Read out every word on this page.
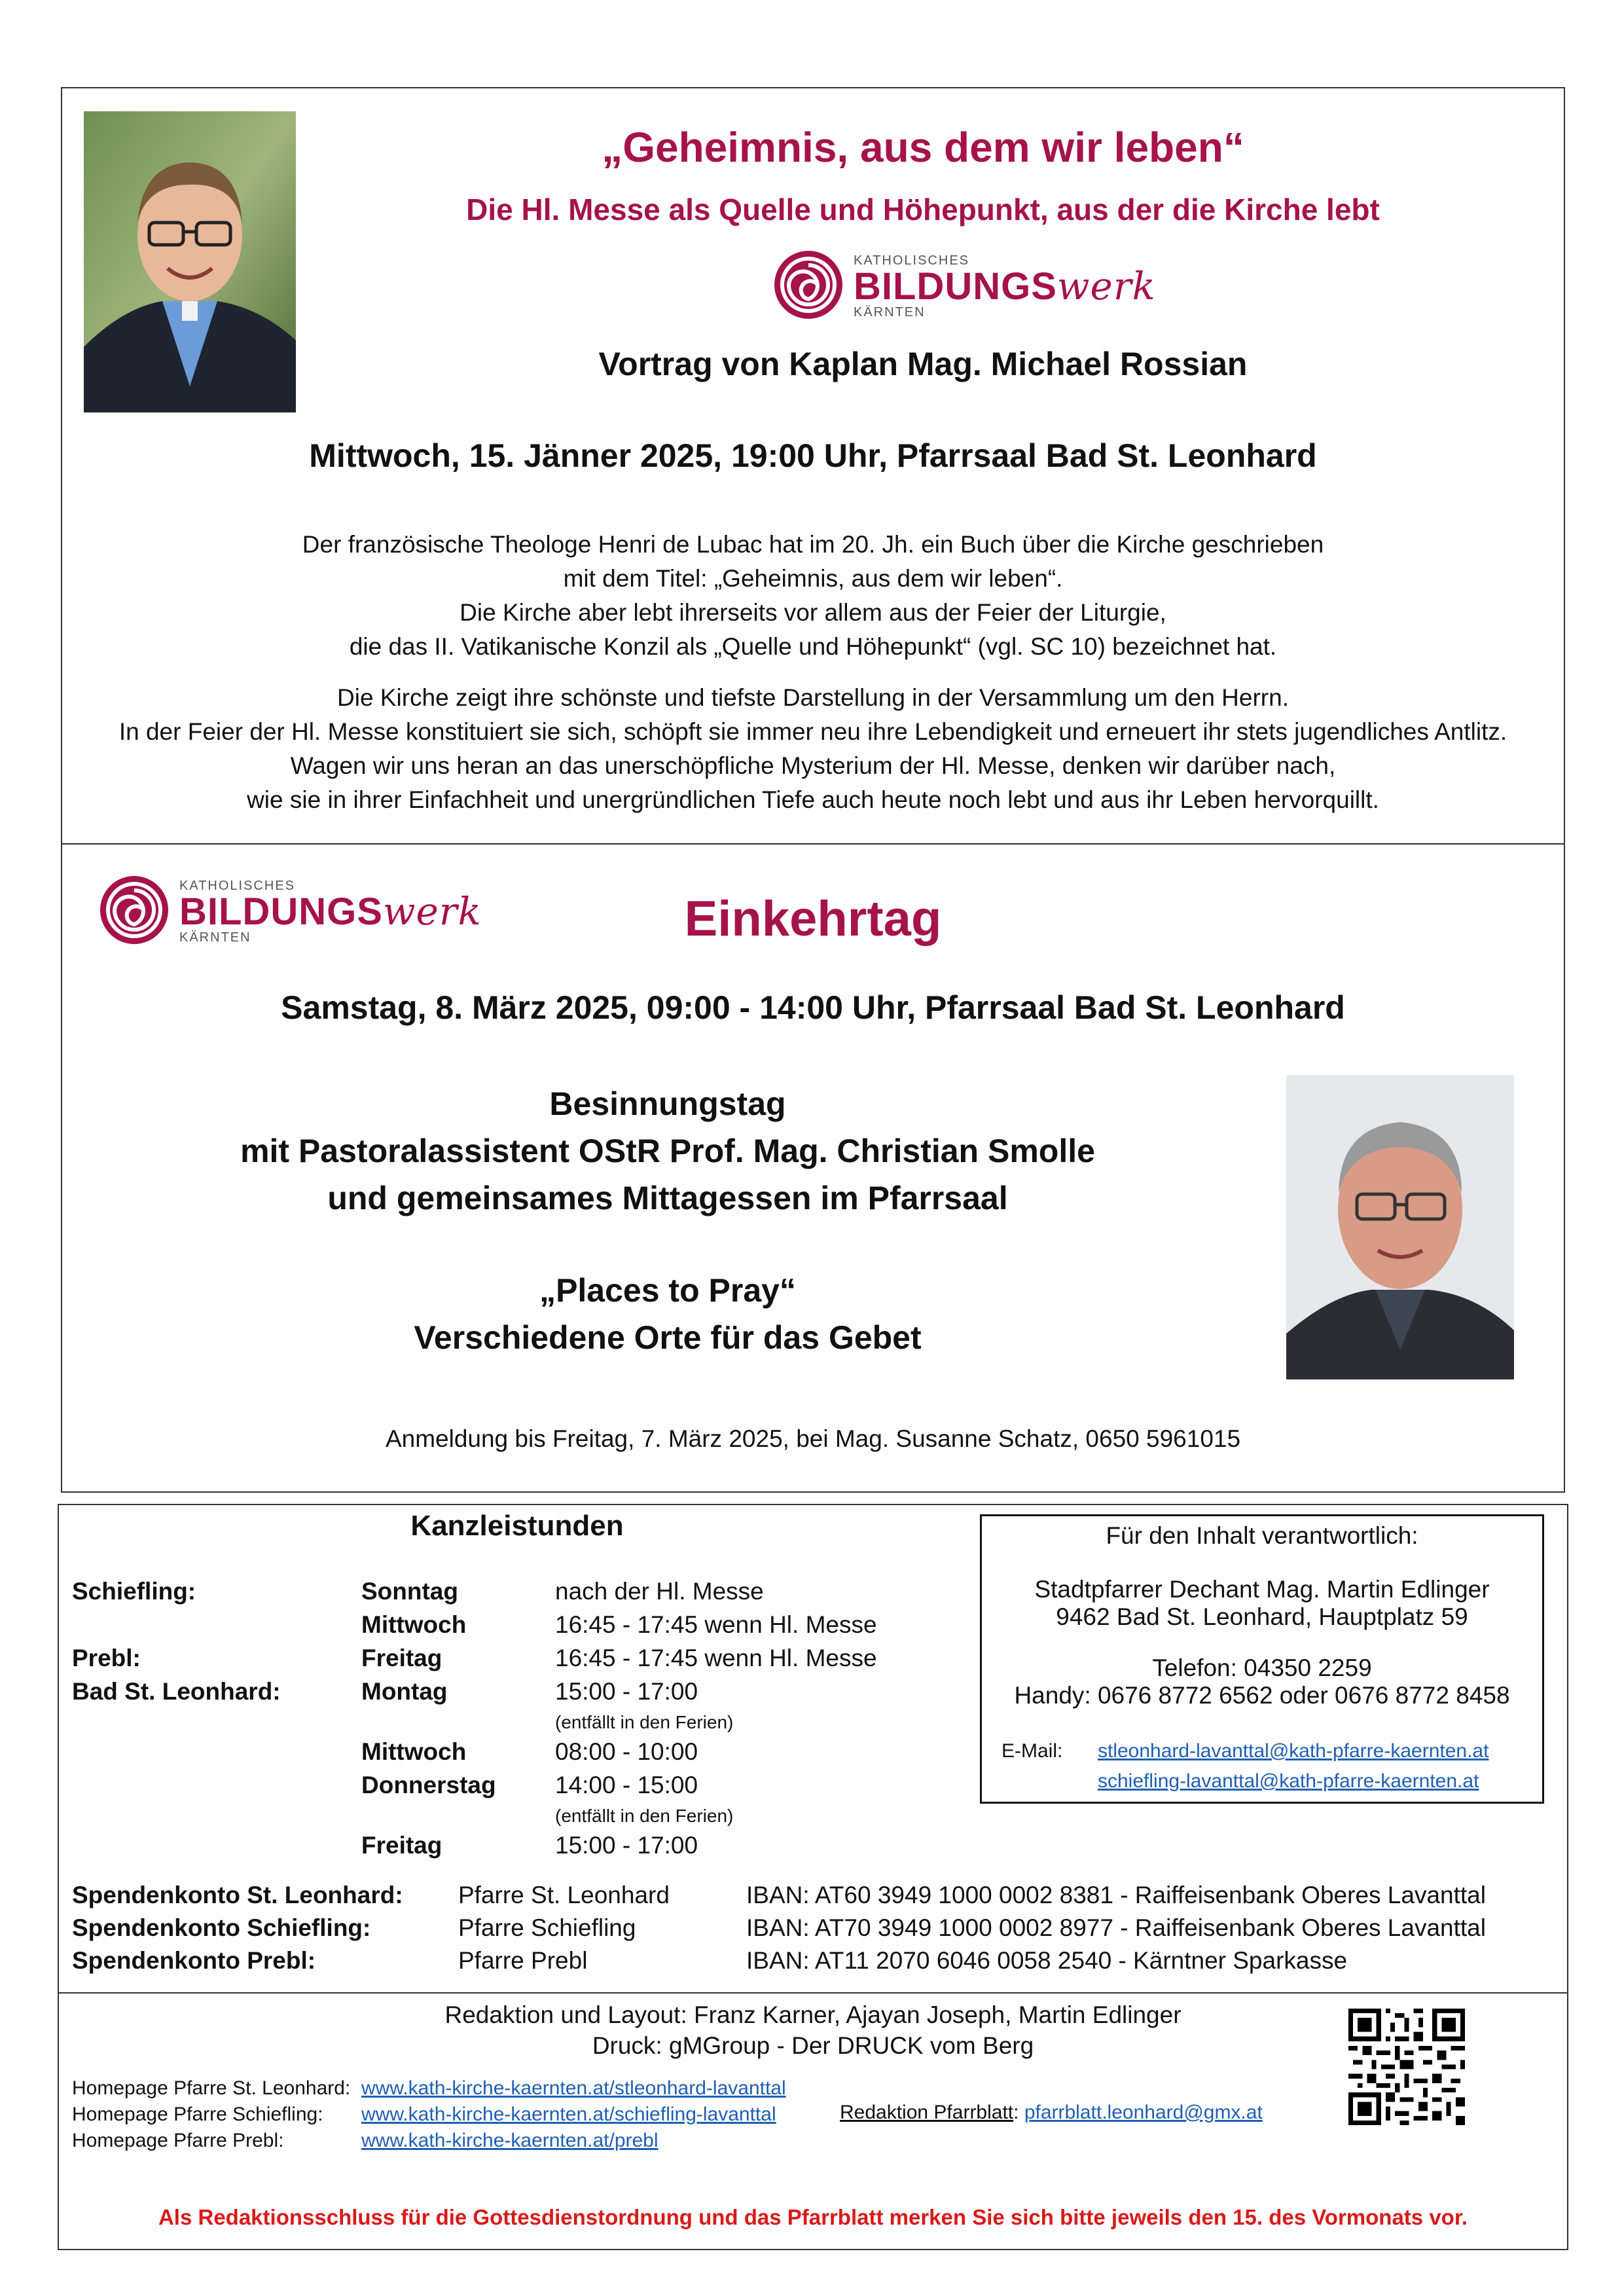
„Geheimnis, aus dem wir leben“
Die Hl. Messe als Quelle und Höhepunkt, aus der die Kirche lebt
KATHOLISCHES
BILDUNGSwerk
KÄRNTEN
Vortrag von Kaplan Mag. Michael Rossian
Mittwoch, 15. Jänner 2025, 19:00 Uhr, Pfarrsaal Bad St. Leonhard
Der französische Theologe Henri de Lubac hat im 20. Jh. ein Buch über die Kirche geschrieben
mit dem Titel: „Geheimnis, aus dem wir leben“.
Die Kirche aber lebt ihrerseits vor allem aus der Feier der Liturgie,
die das II. Vatikanische Konzil als „Quelle und Höhepunkt“ (vgl. SC 10) bezeichnet hat.
Die Kirche zeigt ihre schönste und tiefste Darstellung in der Versammlung um den Herrn.
In der Feier der Hl. Messe konstituiert sie sich, schöpft sie immer neu ihre Lebendigkeit und erneuert ihr stets jugendliches Antlitz.
Wagen wir uns heran an das unerschöpfliche Mysterium der Hl. Messe, denken wir darüber nach,
wie sie in ihrer Einfachheit und unergründlichen Tiefe auch heute noch lebt und aus ihr Leben hervorquillt.
KATHOLISCHES
BILDUNGSwerk
KÄRNTEN	Einkehrtag
Samstag, 8. März 2025, 09:00 - 14:00 Uhr, Pfarrsaal Bad St. Leonhard
Besinnungstag
mit Pastoralassistent OStR Prof. Mag. Christian Smolle
und gemeinsames Mittagessen im Pfarrsaal
„Places to Pray“
Verschiedene Orte für das Gebet
Anmeldung bis Freitag, 7. März 2025, bei Mag. Susanne Schatz, 0650 5961015
Kanzleistunden
Schiefling:	Sonntag	nach der Hl. Messe
Mittwoch	16:45 - 17:45 wenn Hl. Messe
Prebl:	Freitag	16:45 - 17:45 wenn Hl. Messe
Bad St. Leonhard:	Montag	15:00 - 17:00
(entfällt in den Ferien)
Mittwoch	08:00 - 10:00
Donnerstag 14:00 - 15:00
(entfällt in den Ferien)
Freitag	15:00 - 17:00
Für den Inhalt verantwortlich:
Stadtpfarrer Dechant Mag. Martin Edlinger
9462 Bad St. Leonhard, Hauptplatz 59
Telefon: 04350 2259
Handy: 0676 8772 6562 oder 0676 8772 8458
E-Mail: stleonhard-lavanttal@kath-pfarre-kaernten.at
schiefling-lavanttal@kath-pfarre-kaernten.at
Spendenkonto St. Leonhard: Pfarre St. Leonhard	IBAN: AT60 3949 1000 0002 8381 - Raiffeisenbank Oberes Lavanttal
Spendenkonto Schiefling:	Pfarre Schiefling	IBAN: AT70 3949 1000 0002 8977 - Raiffeisenbank Oberes Lavanttal
Spendenkonto Prebl:	Pfarre Prebl	IBAN: AT11 2070 6046 0058 2540 - Kärntner Sparkasse
Redaktion und Layout: Franz Karner, Ajayan Joseph, Martin Edlinger
Druck: gMGroup - Der DRUCK vom Berg
Homepage Pfarre St. Leonhard: www.kath-kirche-kaernten.at/stleonhard-lavanttal
Homepage Pfarre Schiefling: www.kath-kirche-kaernten.at/schiefling-lavanttal
Homepage Pfarre Prebl:	www.kath-kirche-kaernten.at/prebl
Redaktion Pfarrblatt: pfarrblatt.leonhard@gmx.at
Als Redaktionsschluss für die Gottesdienstordnung und das Pfarrblatt merken Sie sich bitte jeweils den 15. des Vormonats vor.
